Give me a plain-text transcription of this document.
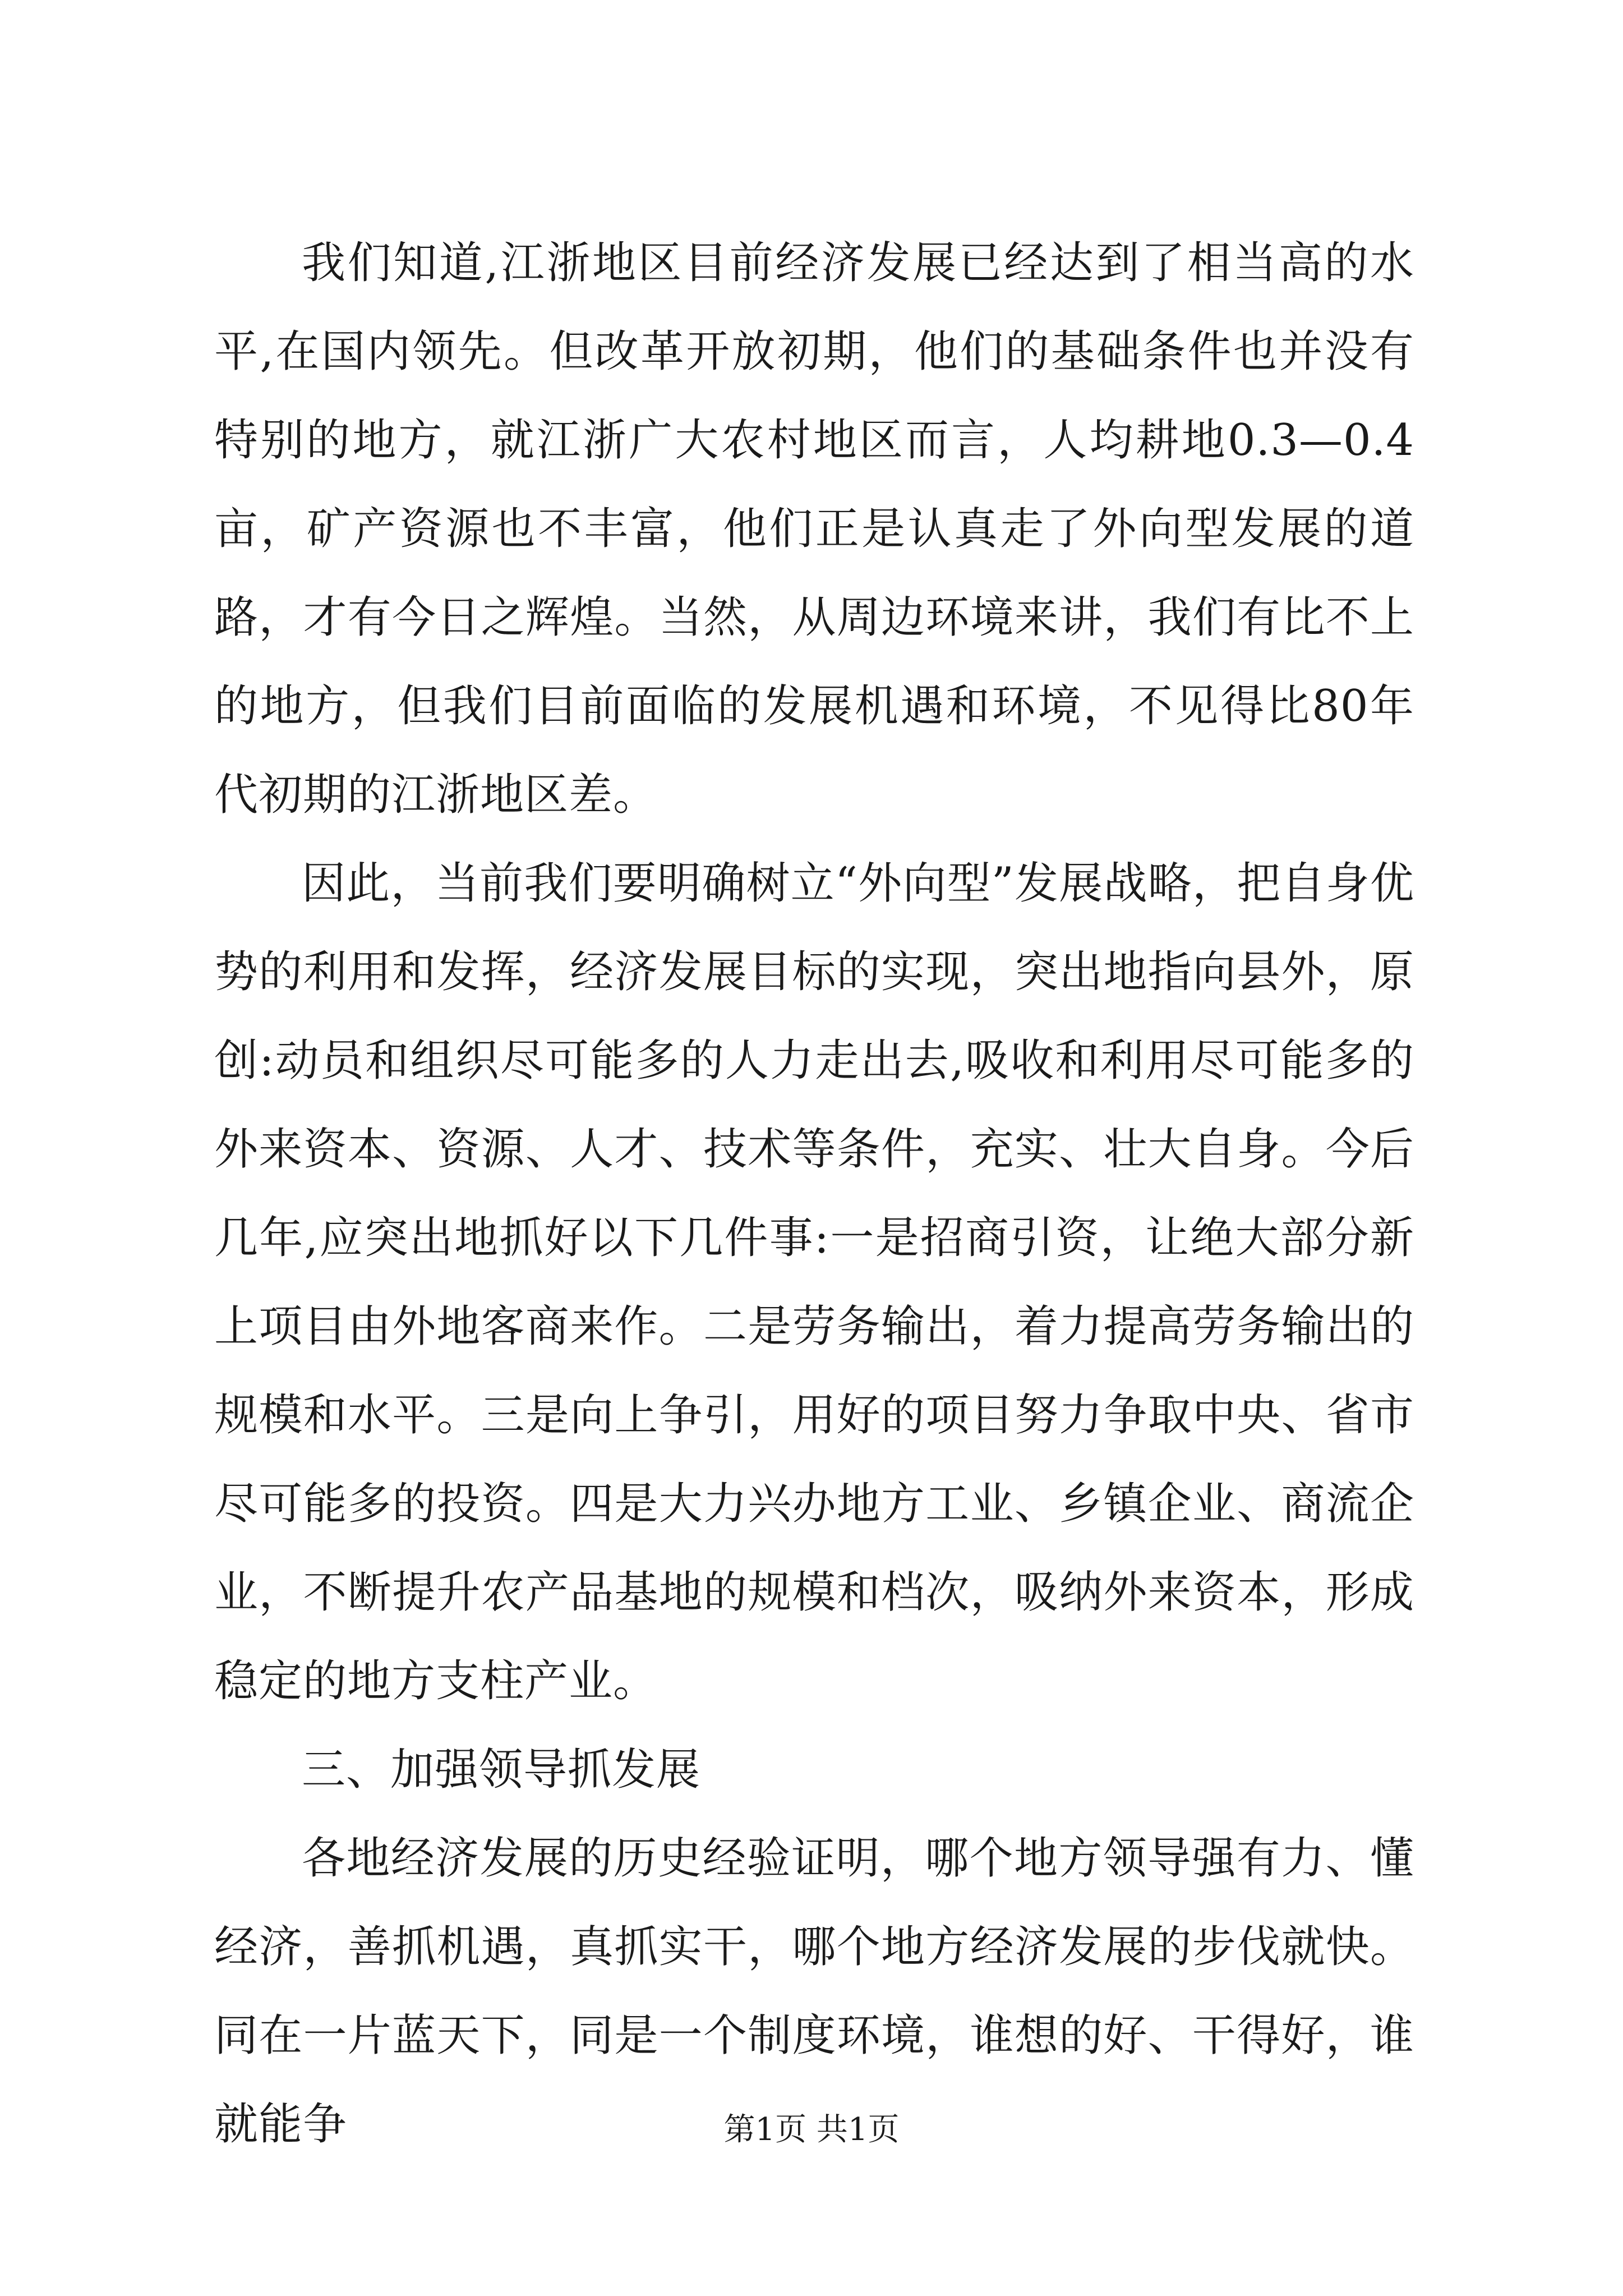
我们知道,江浙地区目前经济发展已经达到了相当高的水平,在国内领先。但改革开放初期，他们的基础条件也并没有特别的地方，就江浙广大农村地区而言，人均耕地0.3—0.4亩，矿产资源也不丰富，他们正是认真走了外向型发展的道路，才有今日之辉煌。当然，从周边环境来讲，我们有比不上的地方，但我们目前面临的发展机遇和环境，不见得比80年代初期的江浙地区差。

因此，当前我们要明确树立“外向型”发展战略，把自身优势的利用和发挥，经济发展目标的实现，突出地指向县外，原创:动员和组织尽可能多的人力走出去,吸收和利用尽可能多的外来资本、资源、人才、技术等条件，充实、壮大自身。今后几年,应突出地抓好以下几件事:一是招商引资，让绝大部分新上项目由外地客商来作。二是劳务输出，着力提高劳务输出的规模和水平。三是向上争引，用好的项目努力争取中央、省市尽可能多的投资。四是大力兴办地方工业、乡镇企业、商流企业，不断提升农产品基地的规模和档次，吸纳外来资本，形成稳定的地方支柱产业。

三、加强领导抓发展

各地经济发展的历史经验证明，哪个地方领导强有力、懂经济，善抓机遇，真抓实干，哪个地方经济发展的步伐就快。同在一片蓝天下，同是一个制度环境，谁想的好、干得好，谁就能争	第1页 共1页
